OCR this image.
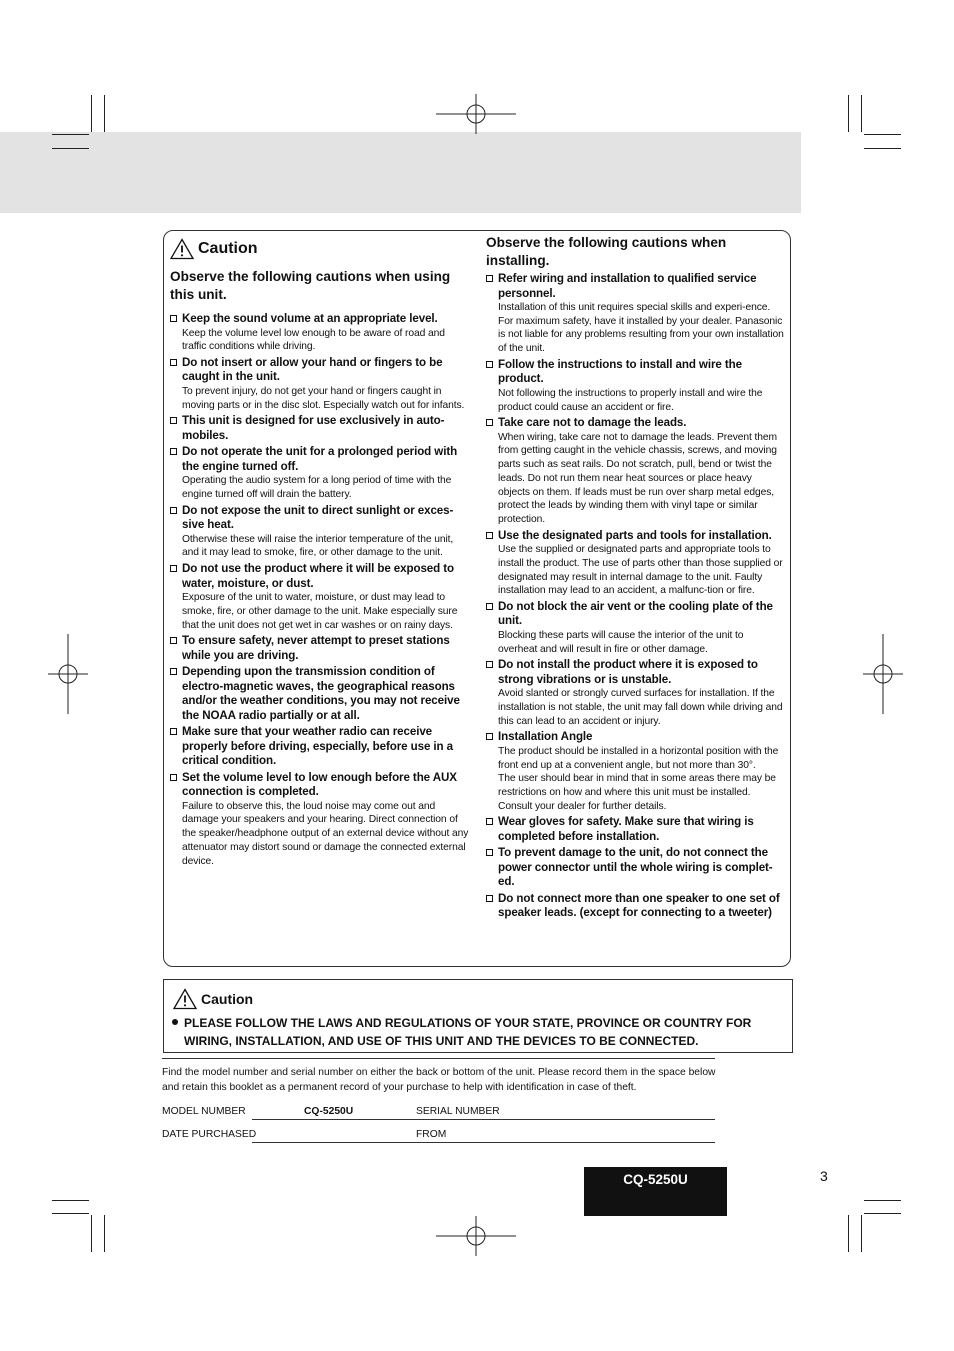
Caution

Observe the following cautions when using this unit.

Keep the sound volume at an appropriate level.
Keep the volume level low enough to be aware of road and traffic conditions while driving.
Do not insert or allow your hand or fingers to be caught in the unit.
To prevent injury, do not get your hand or fingers caught in moving parts or in the disc slot. Especially watch out for infants.
This unit is designed for use exclusively in auto-mobiles.
Do not operate the unit for a prolonged period with the engine turned off.
Operating the audio system for a long period of time with the engine turned off will drain the battery.
Do not expose the unit to direct sunlight or exces-sive heat.
Otherwise these will raise the interior temperature of the unit, and it may lead to smoke, fire, or other damage to the unit.
Do not use the product where it will be exposed to water, moisture, or dust.
Exposure of the unit to water, moisture, or dust may lead to smoke, fire, or other damage to the unit. Make especially sure that the unit does not get wet in car washes or on rainy days.
To ensure safety, never attempt to preset stations while you are driving.
Depending upon the transmission condition of electro-magnetic waves, the geographical reasons and/or the weather conditions, you may not receive the NOAA radio partially or at all.
Make sure that your weather radio can receive properly before driving, especially, before use in a critical condition.
Set the volume level to low enough before the AUX connection is completed.
Failure to observe this, the loud noise may come out and damage your speakers and your hearing. Direct connection of the speaker/headphone output of an external device without any attenuator may distort sound or damage the connected external device.

Observe the following cautions when installing.

Refer wiring and installation to qualified service personnel.
Installation of this unit requires special skills and experi-ence. For maximum safety, have it installed by your dealer. Panasonic is not liable for any problems resulting from your own installation of the unit.
Follow the instructions to install and wire the product.
Not following the instructions to properly install and wire the product could cause an accident or fire.
Take care not to damage the leads.
When wiring, take care not to damage the leads. Prevent them from getting caught in the vehicle chassis, screws, and moving parts such as seat rails. Do not scratch, pull, bend or twist the leads. Do not run them near heat sources or place heavy objects on them. If leads must be run over sharp metal edges, protect the leads by winding them with vinyl tape or similar protection.
Use the designated parts and tools for installation.
Use the supplied or designated parts and appropriate tools to install the product. The use of parts other than those supplied or designated may result in internal damage to the unit. Faulty installation may lead to an accident, a malfunc-tion or fire.
Do not block the air vent or the cooling plate of the unit.
Blocking these parts will cause the interior of the unit to overheat and will result in fire or other damage.
Do not install the product where it is exposed to strong vibrations or is unstable.
Avoid slanted or strongly curved surfaces for installation. If the installation is not stable, the unit may fall down while driving and this can lead to an accident or injury.
Installation Angle
The product should be installed in a horizontal position with the front end up at a convenient angle, but not more than 30°.
The user should bear in mind that in some areas there may be restrictions on how and where this unit must be installed. Consult your dealer for further details.
Wear gloves for safety. Make sure that wiring is completed before installation.
To prevent damage to the unit, do not connect the power connector until the whole wiring is complet-ed.
Do not connect more than one speaker to one set of speaker leads. (except for connecting to a tweeter)
Caution
PLEASE FOLLOW THE LAWS AND REGULATIONS OF YOUR STATE, PROVINCE OR COUNTRY FOR WIRING, INSTALLATION, AND USE OF THIS UNIT AND THE DEVICES TO BE CONNECTED.
Find the model number and serial number on either the back or bottom of the unit. Please record them in the space below and retain this booklet as a permanent record of your purchase to help with identification in case of theft.
MODEL NUMBER	CQ-5250U	SERIAL NUMBER
DATE PURCHASED	FROM
CQ-5250U	3
